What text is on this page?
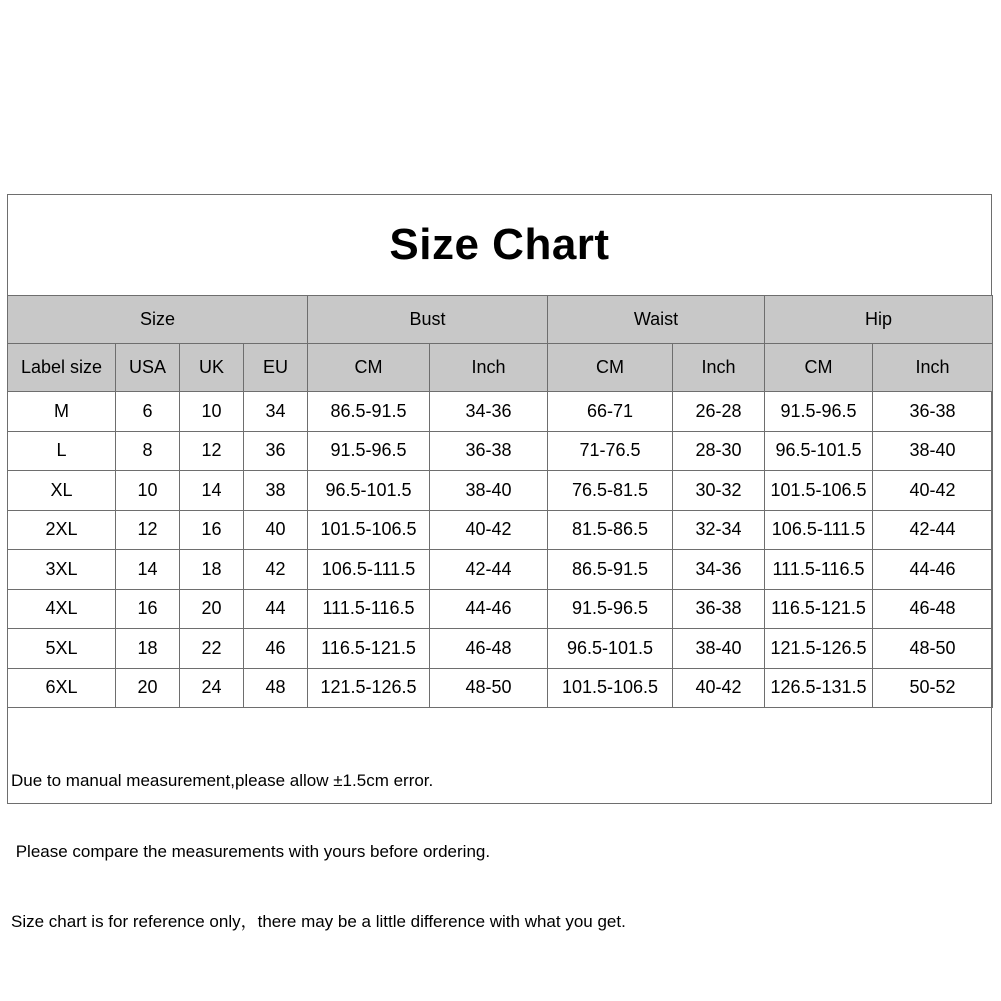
Size Chart
Size				Bust		Waist		Hip	
Label size	USA	UK	EU	CM	Inch	CM	Inch	CM	Inch
M	6	10	34	86.5-91.5	34-36	66-71	26-28	91.5-96.5	36-38
L	8	12	36	91.5-96.5	36-38	71-76.5	28-30	96.5-101.5	38-40
XL	10	14	38	96.5-101.5	38-40	76.5-81.5	30-32	101.5-106.5	40-42
2XL	12	16	40	101.5-106.5	40-42	81.5-86.5	32-34	106.5-111.5	42-44
3XL	14	18	42	106.5-111.5	42-44	86.5-91.5	34-36	111.5-116.5	44-46
4XL	16	20	44	111.5-116.5	44-46	91.5-96.5	36-38	116.5-121.5	46-48
5XL	18	22	46	116.5-121.5	46-48	96.5-101.5	38-40	121.5-126.5	48-50
6XL	20	24	48	121.5-126.5	48-50	101.5-106.5	40-42	126.5-131.5	50-52

Due to manual measurement,please allow ±1.5cm error.

Please compare the measurements with yours before ordering.

Size chart is for reference only，there may be a little difference with what you get.
